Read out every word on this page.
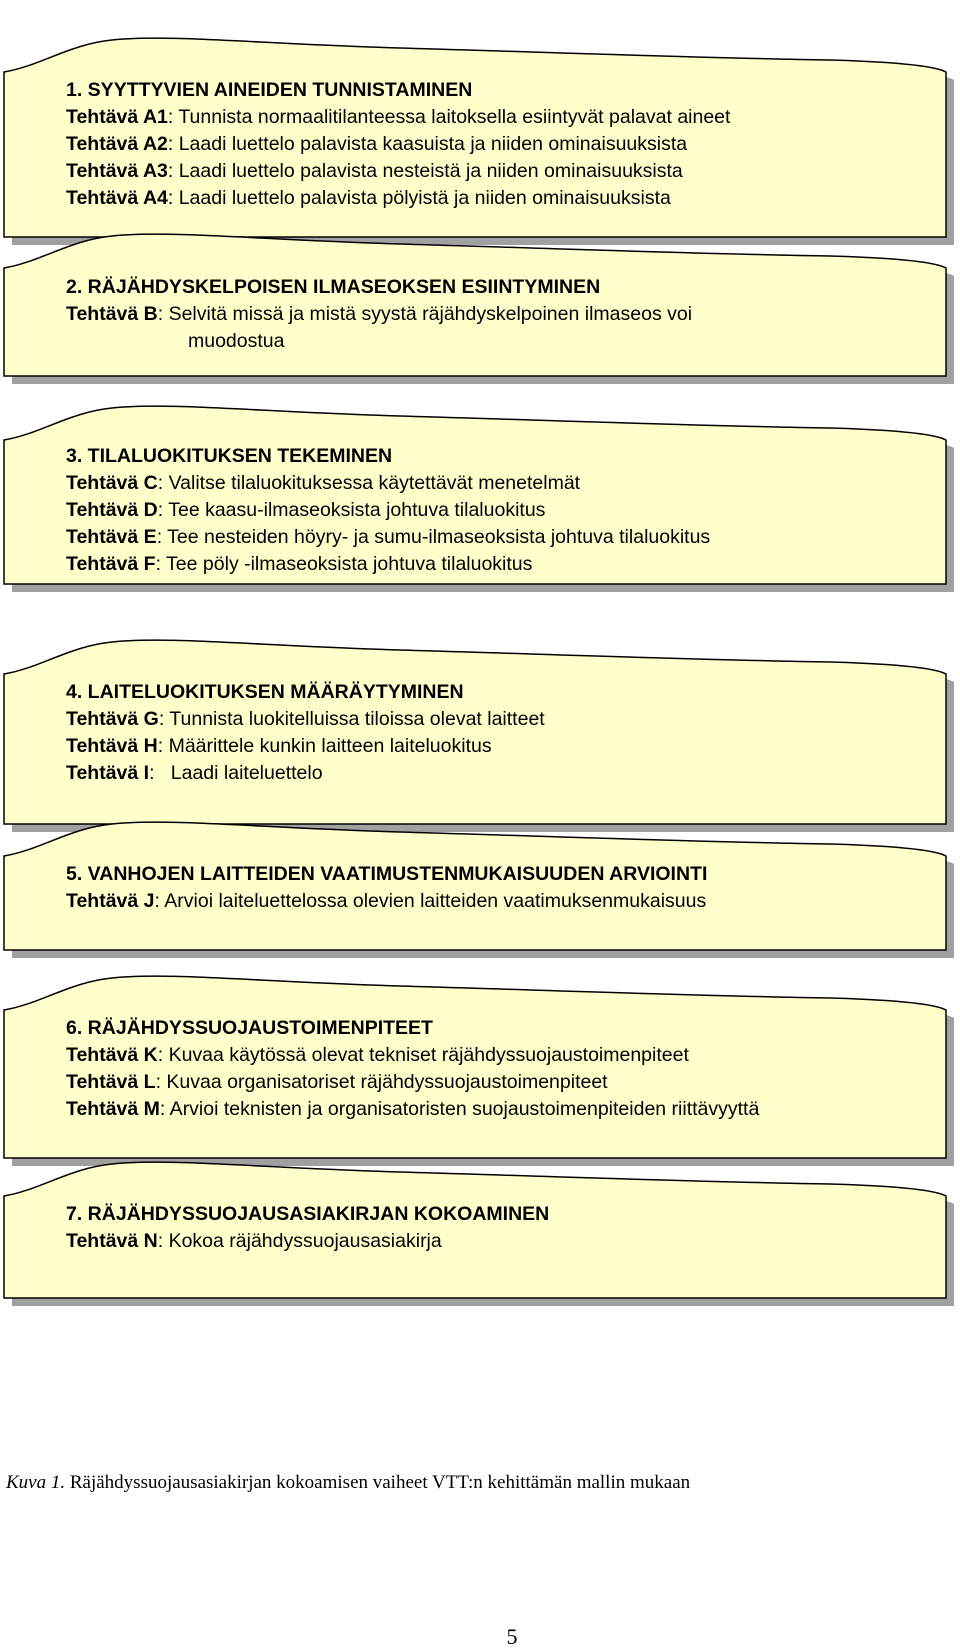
1. SYYTTYVIEN AINEIDEN TUNNISTAMINEN
Tehtävä A1: Tunnista normaalitilanteessa laitoksella esiintyvät palavat aineet
Tehtävä A2: Laadi luettelo palavista kaasuista ja niiden ominaisuuksista
Tehtävä A3: Laadi luettelo palavista nesteistä ja niiden ominaisuuksista
Tehtävä A4: Laadi luettelo palavista pölyistä ja niiden ominaisuuksista
2. RÄJÄHDYSKELPOISEN ILMASEOKSEN ESIINTYMINEN
Tehtävä B: Selvitä missä ja mistä syystä räjähdyskelpoinen ilmaseos voi
muodostua
3. TILALUOKITUKSEN TEKEMINEN
Tehtävä C: Valitse tilaluokituksessa käytettävät menetelmät
Tehtävä D: Tee kaasu-ilmaseoksista johtuva tilaluokitus
Tehtävä E: Tee nesteiden höyry- ja sumu-ilmaseoksista johtuva tilaluokitus
Tehtävä F: Tee pöly -ilmaseoksista johtuva tilaluokitus
4. LAITELUOKITUKSEN MÄÄRÄYTYMINEN
Tehtävä G: Tunnista luokitelluissa tiloissa olevat laitteet
Tehtävä H: Määrittele kunkin laitteen laiteluokitus
Tehtävä I:   Laadi laiteluettelo
5. VANHOJEN LAITTEIDEN VAATIMUSTENMUKAISUUDEN ARVIOINTI
Tehtävä J: Arvioi laiteluettelossa olevien laitteiden vaatimuksenmukaisuus
6. RÄJÄHDYSSUOJAUSTOIMENPITEET
Tehtävä K: Kuvaa käytössä olevat tekniset räjähdyssuojaustoimenpiteet
Tehtävä L: Kuvaa organisatoriset räjähdyssuojaustoimenpiteet
Tehtävä M: Arvioi teknisten ja organisatoristen suojaustoimenpiteiden riittävyyttä
7. RÄJÄHDYSSUOJAUSASIAKIRJAN KOKOAMINEN
Tehtävä N: Kokoa räjähdyssuojausasiakirja
Kuva 1. Räjähdyssuojausasiakirjan kokoamisen vaiheet VTT:n kehittämän mallin mukaan
5
